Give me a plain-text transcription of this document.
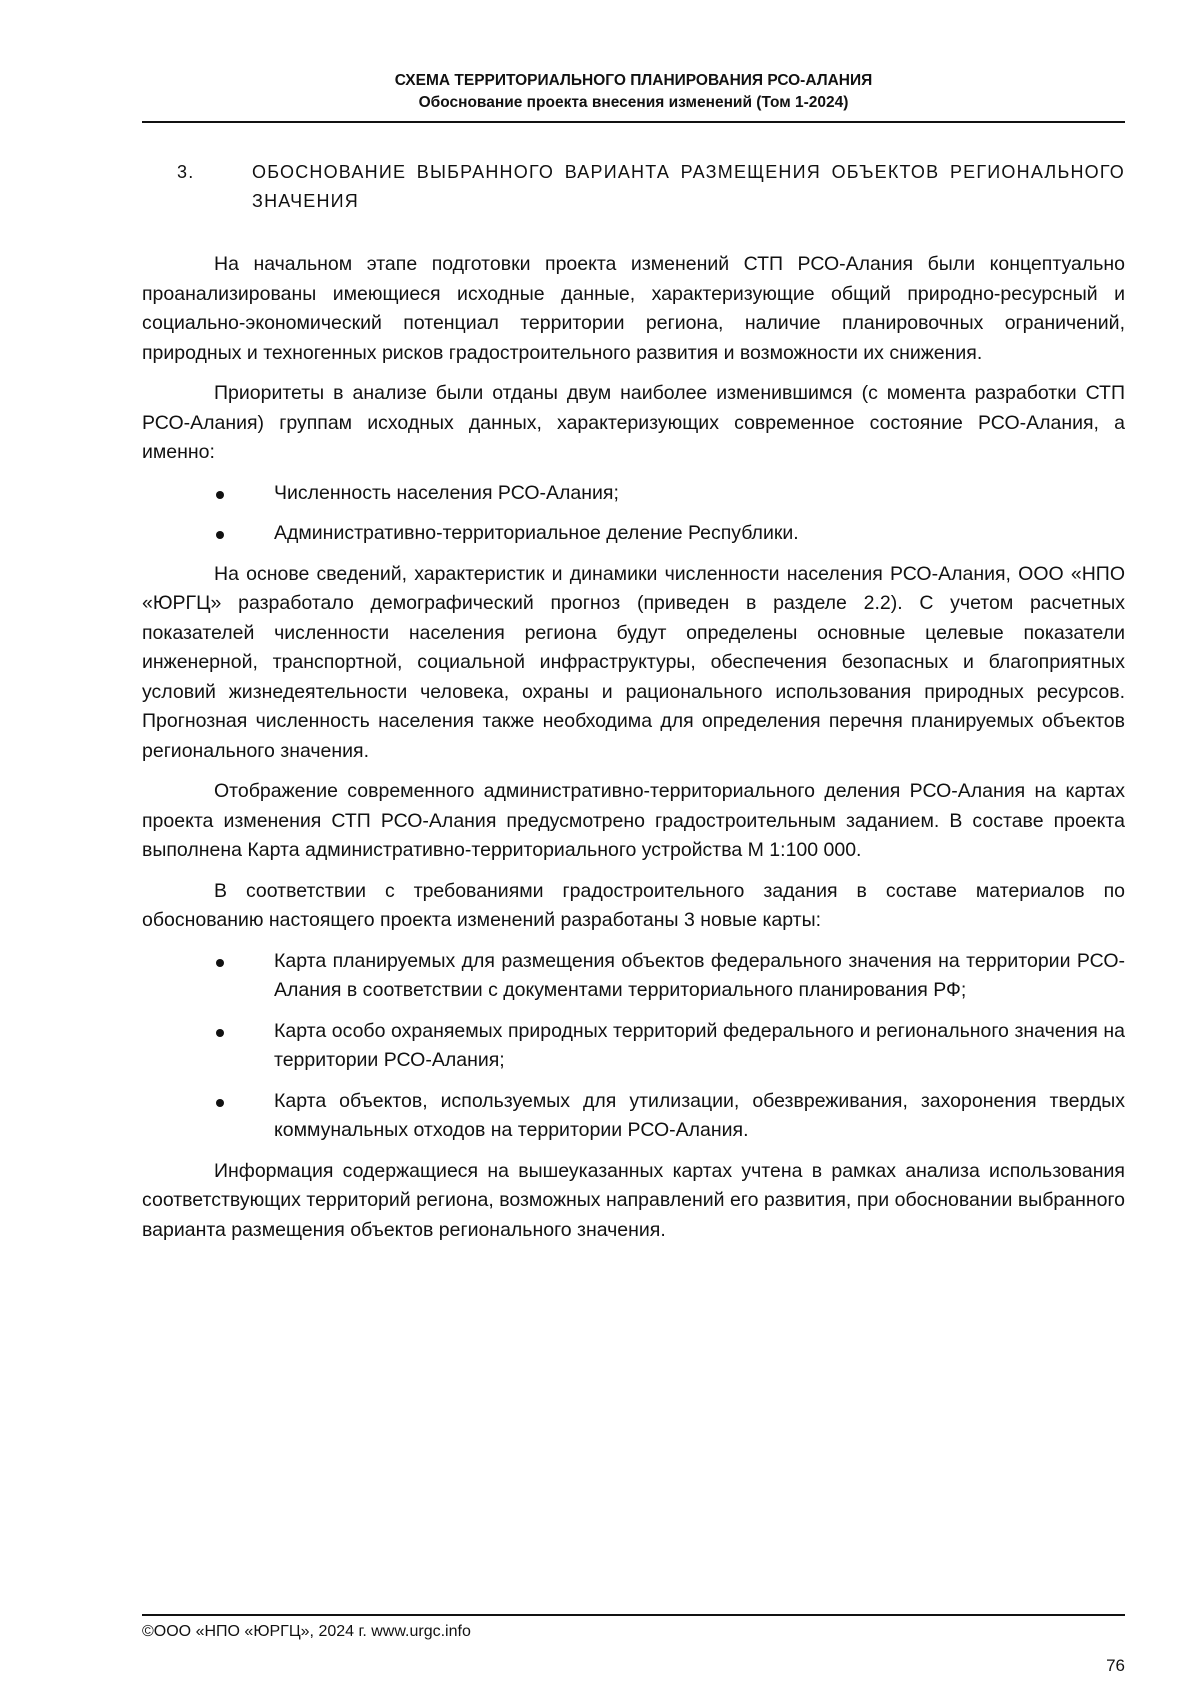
СХЕМА ТЕРРИТОРИАЛЬНОГО ПЛАНИРОВАНИЯ РСО-АЛАНИЯ
Обоснование проекта внесения изменений (Том 1-2024)
3.	ОБОСНОВАНИЕ ВЫБРАННОГО ВАРИАНТА РАЗМЕЩЕНИЯ ОБЪЕКТОВ РЕГИОНАЛЬНОГО ЗНАЧЕНИЯ

На начальном этапе подготовки проекта изменений СТП РСО-Алания были концептуально проанализированы имеющиеся исходные данные, характеризующие общий природно-ресурсный и социально-экономический потенциал территории региона, наличие планировочных ограничений, природных и техногенных рисков градостроительного развития и возможности их снижения.

Приоритеты в анализе были отданы двум наиболее изменившимся (с момента разработки СТП РСО-Алания) группам исходных данных, характеризующих современное состояние РСО-Алания, а именно:

Численность населения РСО-Алания;
Административно-территориальное деление Республики.

На основе сведений, характеристик и динамики численности населения РСО-Алания, ООО «НПО «ЮРГЦ» разработало демографический прогноз (приведен в разделе 2.2). С учетом расчетных показателей численности населения региона будут определены основные целевые показатели инженерной, транспортной, социальной инфраструктуры, обеспечения безопасных и благоприятных условий жизнедеятельности человека, охраны и рационального использования природных ресурсов. Прогнозная численность населения также необходима для определения перечня планируемых объектов регионального значения.

Отображение современного административно-территориального деления РСО-Алания на картах проекта изменения СТП РСО-Алания предусмотрено градостроительным заданием. В составе проекта выполнена Карта административно-территориального устройства М 1:100 000.

В соответствии с требованиями градостроительного задания в составе материалов по обоснованию настоящего проекта изменений разработаны 3 новые карты:

Карта планируемых для размещения объектов федерального значения на территории РСО-Алания в соответствии с документами территориального планирования РФ;
Карта особо охраняемых природных территорий федерального и регионального значения на территории РСО-Алания;
Карта объектов, используемых для утилизации, обезвреживания, захоронения твердых коммунальных отходов на территории РСО-Алания.

Информация содержащиеся на вышеуказанных картах учтена в рамках анализа использования соответствующих территорий региона, возможных направлений его развития, при обосновании выбранного варианта размещения объектов регионального значения.

©ООО «НПО «ЮРГЦ», 2024 г. www.urgc.info
76
